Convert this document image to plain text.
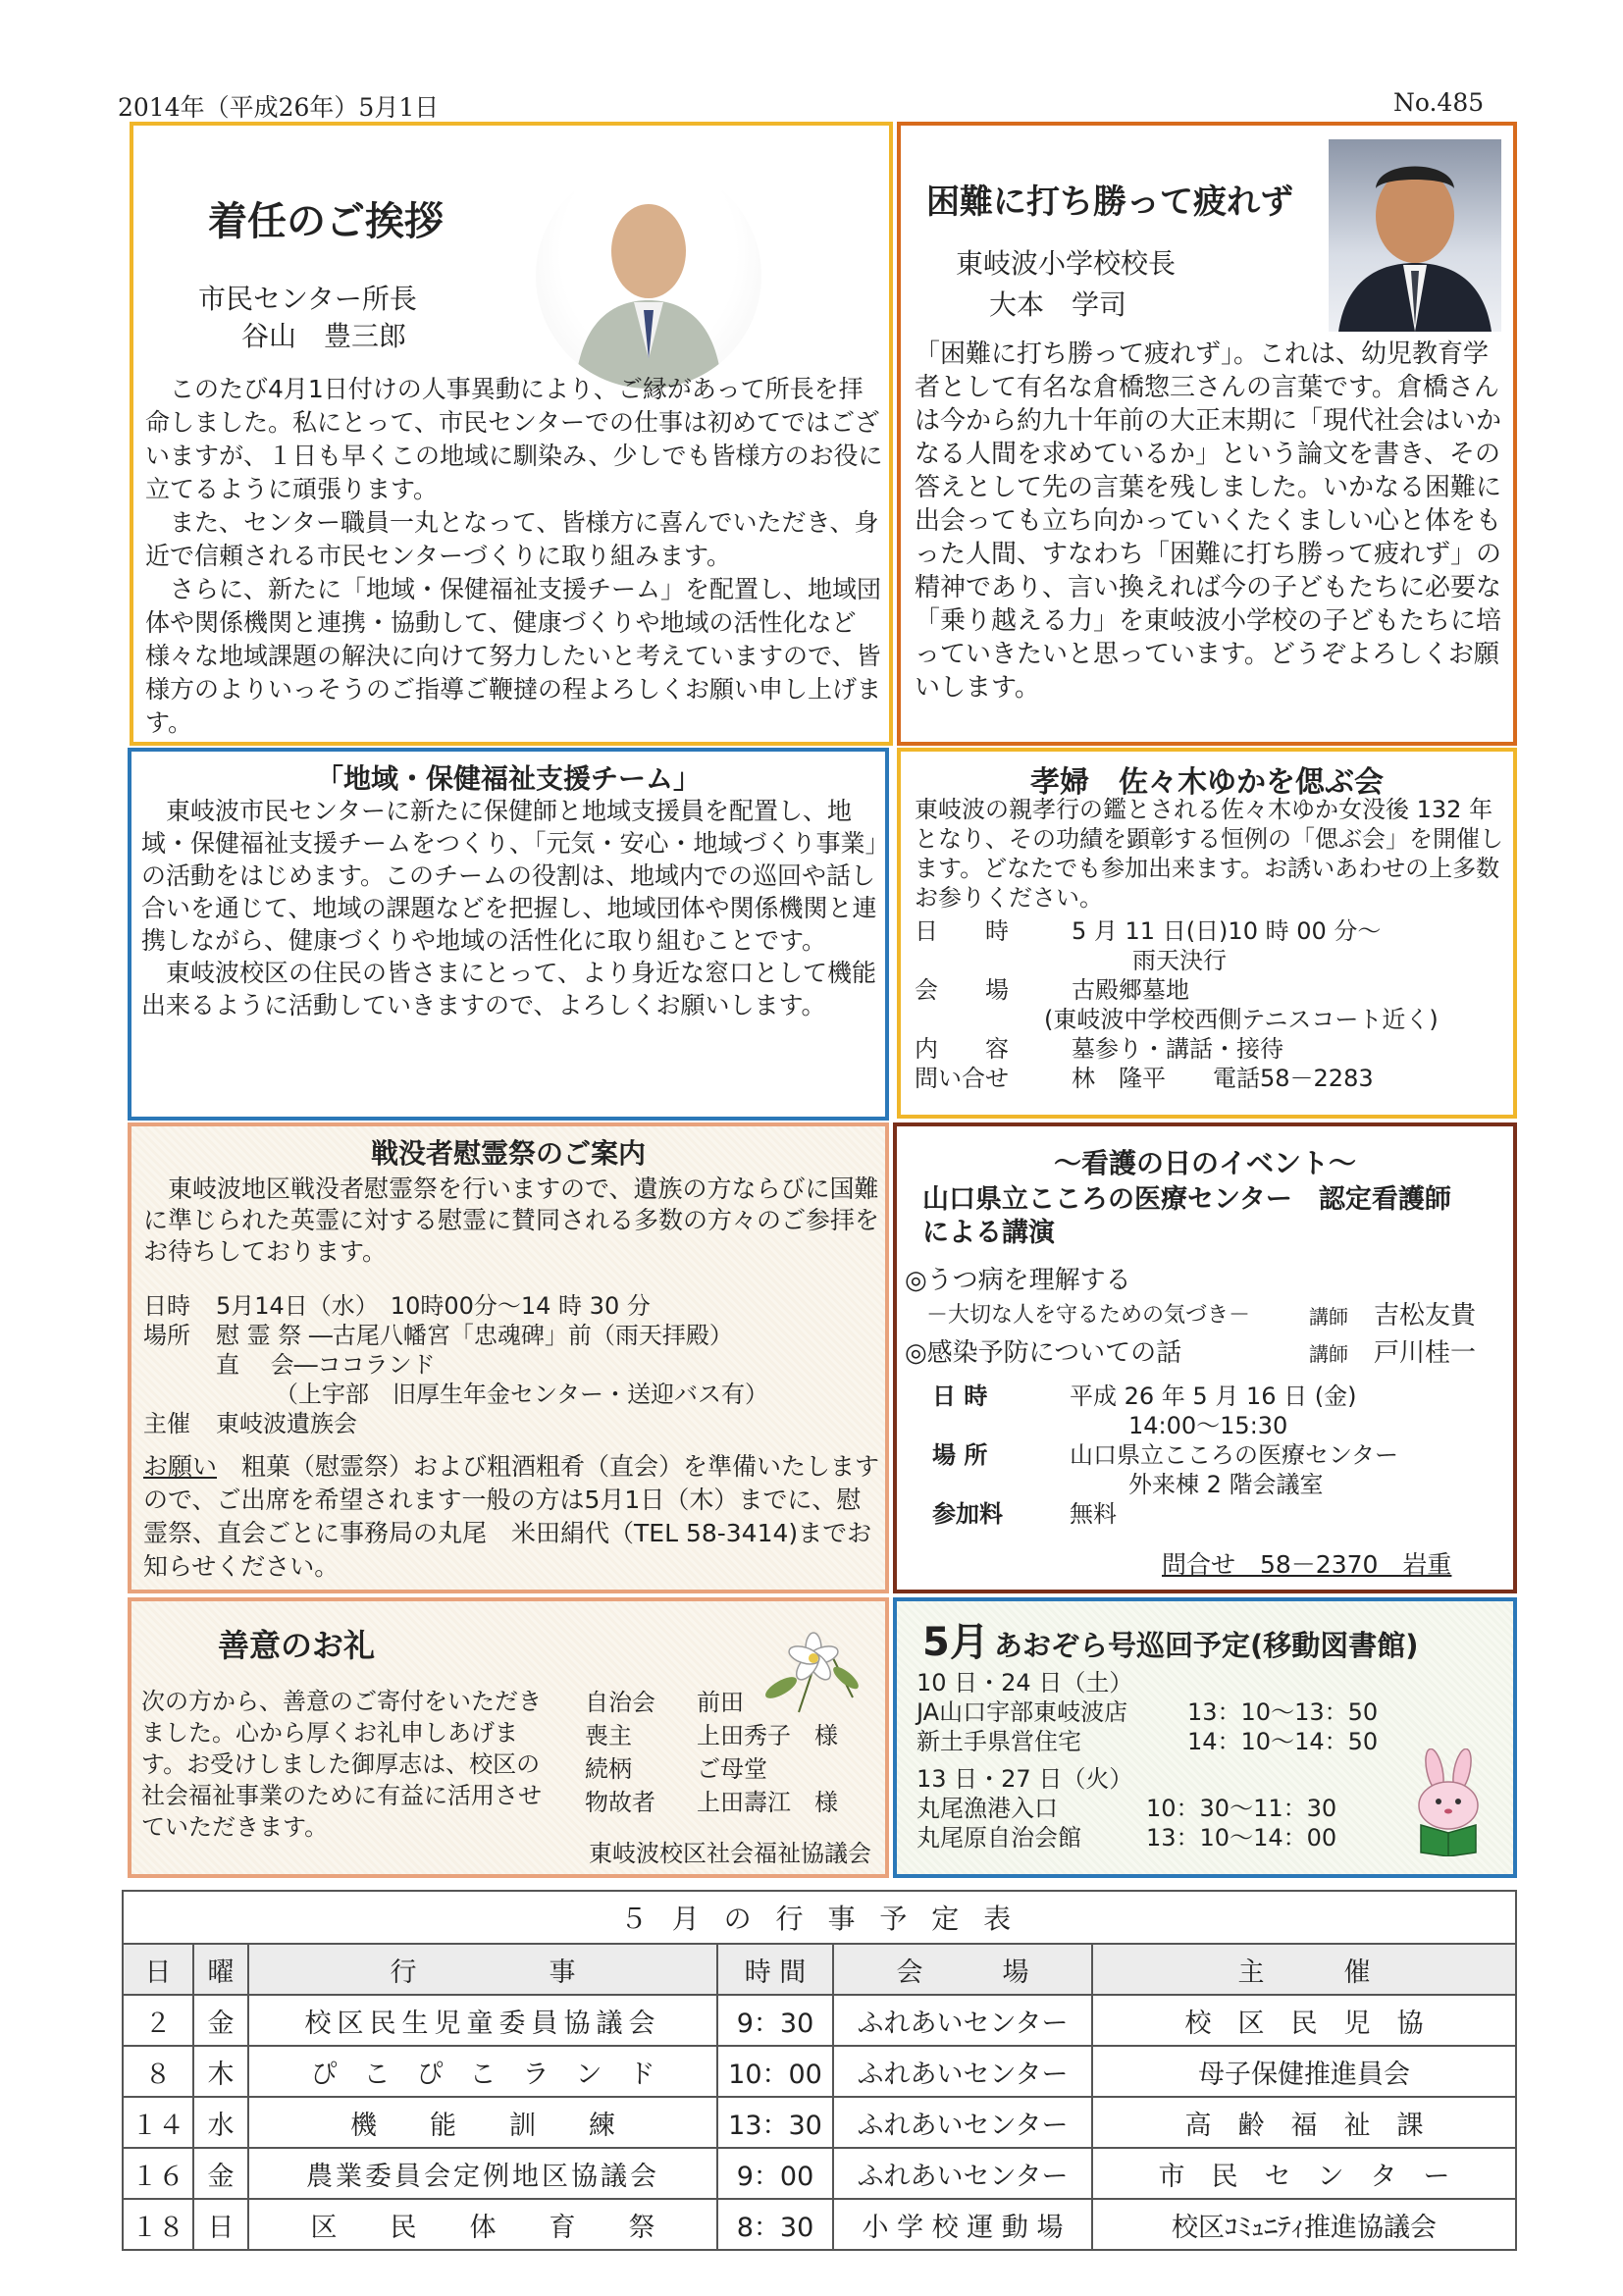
2014年（平成26年）5月1日	No.485
着任のご挨拶
市民センター所長
谷山　豊三郎

このたび4月1日付けの人事異動により、ご縁があって所長を拝命しました。私にとって、市民センターでの仕事は初めてではございますが、１日も早くこの地域に馴染み、少しでも皆様方のお役に立てるように頑張ります。

また、センター職員一丸となって、皆様方に喜んでいただき、身近で信頼される市民センターづくりに取り組みます。

さらに、新たに「地域・保健福祉支援チーム」を配置し、地域団体や関係機関と連携・協動して、健康づくりや地域の活性化など様々な地域課題の解決に向けて努力したいと考えていますので、皆様方のよりいっそうのご指導ご鞭撻の程よろしくお願い申し上げます。

困難に打ち勝って疲れず
東岐波小学校校長
大本　学司
「困難に打ち勝って疲れず」。これは、幼児教育学者として有名な倉橋惣三さんの言葉です。倉橋さんは今から約九十年前の大正末期に「現代社会はいかなる人間を求めているか」という論文を書き、その答えとして先の言葉を残しました。いかなる困難に出会っても立ち向かっていくたくましい心と体をもった人間、すなわち「困難に打ち勝って疲れず」の精神であり、言い換えれば今の子どもたちに必要な「乗り越える力」を東岐波小学校の子どもたちに培っていきたいと思っています。どうぞよろしくお願いします。
「地域・保健福祉支援チーム」

東岐波市民センターに新たに保健師と地域支援員を配置し、地域・保健福祉支援チームをつくり、「元気・安心・地域づくり事業」の活動をはじめます。このチームの役割は、地域内での巡回や話し合いを通じて、地域の課題などを把握し、地域団体や関係機関と連携しながら、健康づくりや地域の活性化に取り組むことです。

東岐波校区の住民の皆さまにとって、より身近な窓口として機能出来るように活動していきますので、よろしくお願いします。

孝婦　佐々木ゆかを偲ぶ会
東岐波の親孝行の鑑とされる佐々木ゆか女没後 132 年となり、その功績を顕彰する恒例の「偲ぶ会」を開催します。どなたでも参加出来ます。お誘いあわせの上多数お参りください。
日　　時	5 月 11 日(日)10 時 00 分～
雨天決行
会　　場	古殿郷墓地
(東岐波中学校西側テニスコート近く)
内　　容	墓参り・講話・接待
問い合せ	林　隆平　　電話58－2283
戦没者慰霊祭のご案内

東岐波地区戦没者慰霊祭を行いますので、遺族の方ならびに国難に準じられた英霊に対する慰霊に賛同される多数の方々のご参拝をお待ちしております。

日時	5月14日（水）　10時00分～14 時 30 分
場所	慰 霊 祭 ―古尾八幡宮「忠魂碑」前（雨天拝殿）
直　 会―ココランド
　　　（上宇部　旧厚生年金センター・送迎バス有）
主催	東岐波遺族会
お願い　 粗菓（慰霊祭）および粗酒粗肴（直会）を準備いたしますので、ご出席を希望されます一般の方は5月1日（木）までに、慰霊祭、直会ごとに事務局の丸尾　米田絹代（TEL 58-3414)までお知らせください。
～看護の日のイベント～
山口県立こころの医療センター　認定看護師による講演
◎うつ病を理解する
－大切な人を守るための気づき－	講師　 吉松友貴
◎感染予防についての話	講師　 戸川桂一
日 時	平成 26 年 5 月 16 日 (金)
14:00～15:30
場 所	山口県立こころの医療センター
外来棟 2 階会議室
参加料	無料
問合せ　58－2370　岩重
善意のお礼
次の方から、善意のご寄付をいただきました。心から厚くお礼申しあげます。お受けしました御厚志は、校区の社会福祉事業のために有益に活用させていただきます。
自治会	前田
喪主	上田秀子　様
続柄	ご母堂
物故者	上田壽江　様
東岐波校区社会福祉協議会
5月 あおぞら号巡回予定(移動図書館)
10 日・24 日（土）
JA山口宇部東岐波店	13：10～13：50
新土手県営住宅	14：10～14：50
13 日・27 日（火）
丸尾漁港入口	10：30～11：30
丸尾原自治会館	13：10～14：00
５ 月 の 行 事 予 定 表					
日	曜	行　　　　　事	時 間	会　　　場	主　　　催
２	金	校区民生児童委員協議会	9：30	ふれあいセンター	校　区　民　児　協
８	木	ぴ　こ　ぴ　こ　ラ　ン　ド	10：00	ふれあいセンター	母子保健推進員会
１４	水	機　　能　　訓　　練	13：30	ふれあいセンター	高　齢　福　祉　課
１６	金	農業委員会定例地区協議会	9：00	ふれあいセンター	市　民　セ　ン　タ　ー
１８	日	区　　民　　体　　育　　祭	8：30	小 学 校 運 動 場	校区ｺﾐｭﾆﾃｨ推進協議会
